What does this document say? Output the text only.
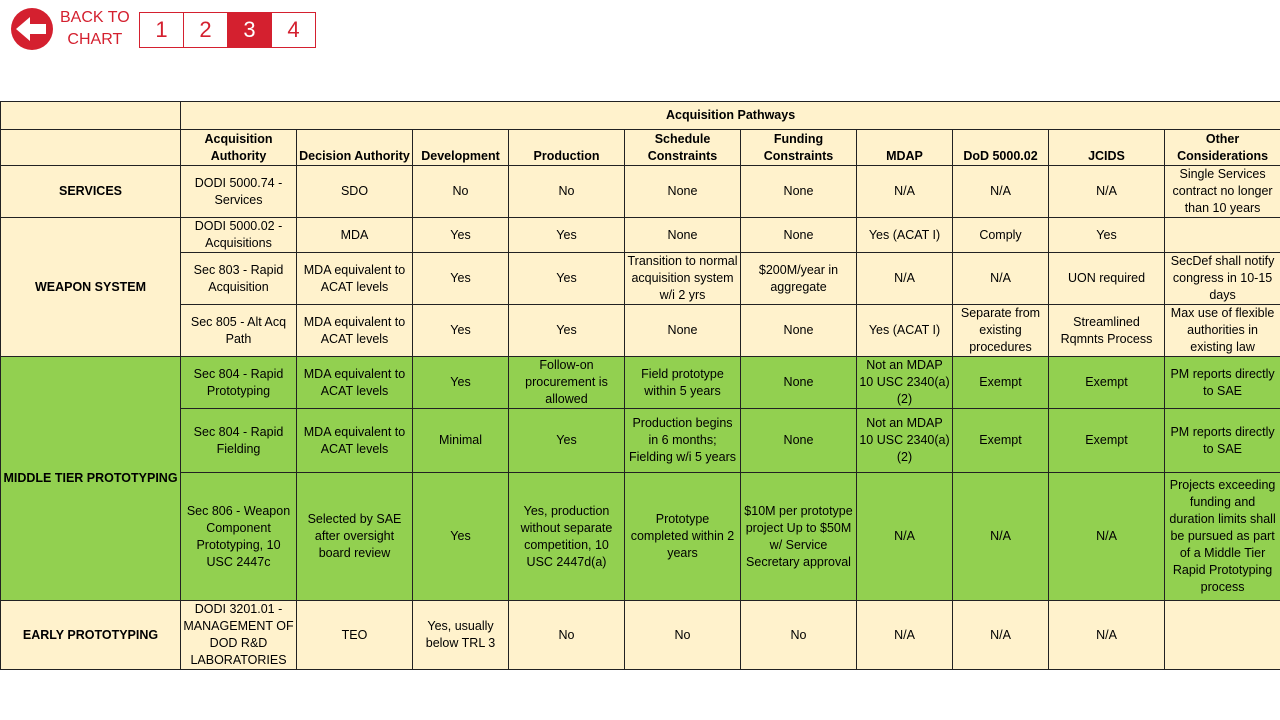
BACK TO
CHART	1	2	3	4
	Acquisition Pathways									
	Acquisition Authority	Decision Authority	Development	Production	Schedule Constraints	Funding Constraints	MDAP	DoD 5000.02	JCIDS	Other Considerations
SERVICES	DODI 5000.74 - Services	SDO	No	No	None	None	N/A	N/A	N/A	Single Services contract no longer than 10 years
WEAPON SYSTEM	DODI 5000.02 - Acquisitions	MDA	Yes	Yes	None	None	Yes (ACAT I)	Comply	Yes	
	Sec 803 - Rapid Acquisition	MDA equivalent to ACAT levels	Yes	Yes	Transition to normal acquisition system w/i 2 yrs	$200M/year in aggregate	N/A	N/A	UON required	SecDef shall notify congress in 10-15 days
	Sec 805 - Alt Acq Path	MDA equivalent to ACAT levels	Yes	Yes	None	None	Yes (ACAT I)	Separate from existing procedures	Streamlined Rqmnts Process	Max use of flexible authorities in existing law
MIDDLE TIER PROTOTYPING	Sec 804 - Rapid Prototyping	MDA equivalent to ACAT levels	Yes	Follow-on procurement is allowed	Field prototype within 5 years	None	Not an MDAP 10 USC 2340(a)(2)	Exempt	Exempt	PM reports directly to SAE
	Sec 804 - Rapid Fielding	MDA equivalent to ACAT levels	Minimal	Yes	Production begins in 6 months; Fielding w/i 5 years	None	Not an MDAP 10 USC 2340(a)(2)	Exempt	Exempt	PM reports directly to SAE
	Sec 806 - Weapon Component Prototyping, 10 USC 2447c	Selected by SAE after oversight board review	Yes	Yes, production without separate competition, 10 USC 2447d(a)	Prototype completed within 2 years	$10M per prototype project Up to $50M w/ Service Secretary approval	N/A	N/A	N/A	Projects exceeding funding and duration limits shall be pursued as part of a Middle Tier Rapid Prototyping process
EARLY PROTOTYPING	DODI 3201.01 - MANAGEMENT OF DOD R&D LABORATORIES	TEO	Yes, usually below TRL 3	No	No	No	N/A	N/A	N/A	
